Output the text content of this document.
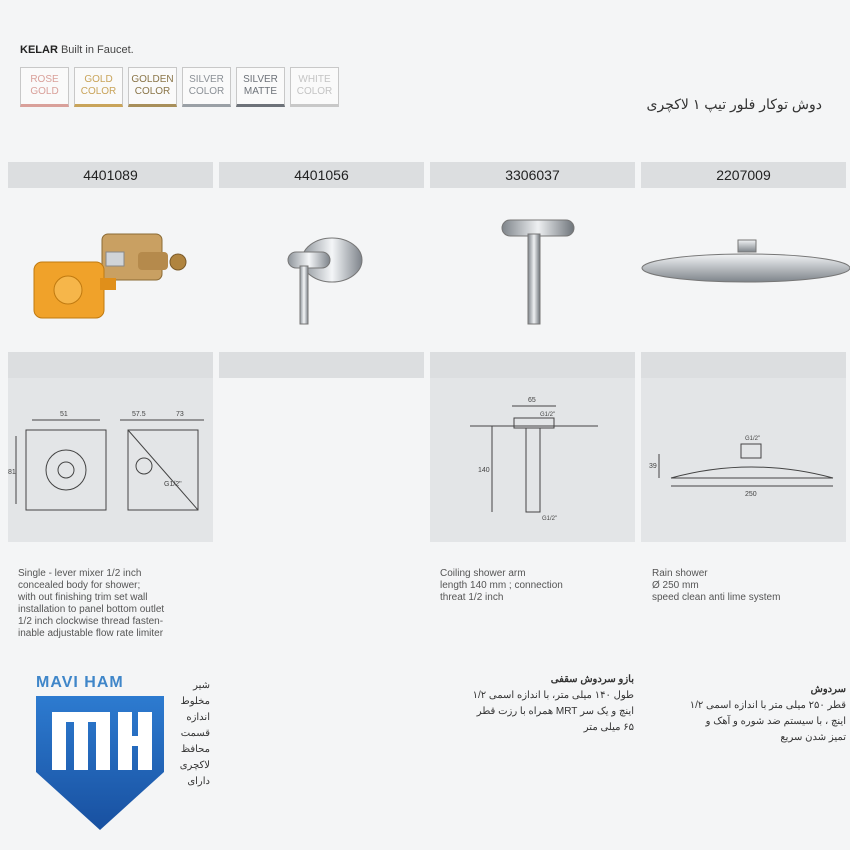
KELAR Built in Faucet.
ROSE
GOLD
GOLD
COLOR
GOLDEN
COLOR
SILVER
COLOR
SILVER
MATTE
WHITE
COLOR
دوش توکار فلور تیپ ۱ لاکچری
4401089	4401056	3306037	2207009
51	57.5	73
81
G1/2"
65
140
G1/2"
G1/2"
39
250
G1/2"
Single - lever mixer 1/2 inch
concealed body for shower;
with out finishing trim set wall
installation to panel bottom outlet
1/2 inch clockwise thread fasten-
inable adjustable flow rate limiter
Coiling shower arm
length 140 mm ; connection
threat 1/2 inch
Rain shower
Ø 250 mm
speed clean anti lime system
شیر مخلوط
اندازه
قسمت
محافظ
لاکچری
دارای
بازو سردوش سقفی
طول ۱۴۰ میلی متر، با اندازه اسمی ۱/۲
اینچ و یک سر MRT همراه با رزت قطر
۶۵ میلی متر
سردوش
قطر ۲۵۰ میلی متر با اندازه اسمی ۱/۲
اینچ ، با سیستم ضد شوره و آهک و
تمیز شدن سریع
MAVI HAM
